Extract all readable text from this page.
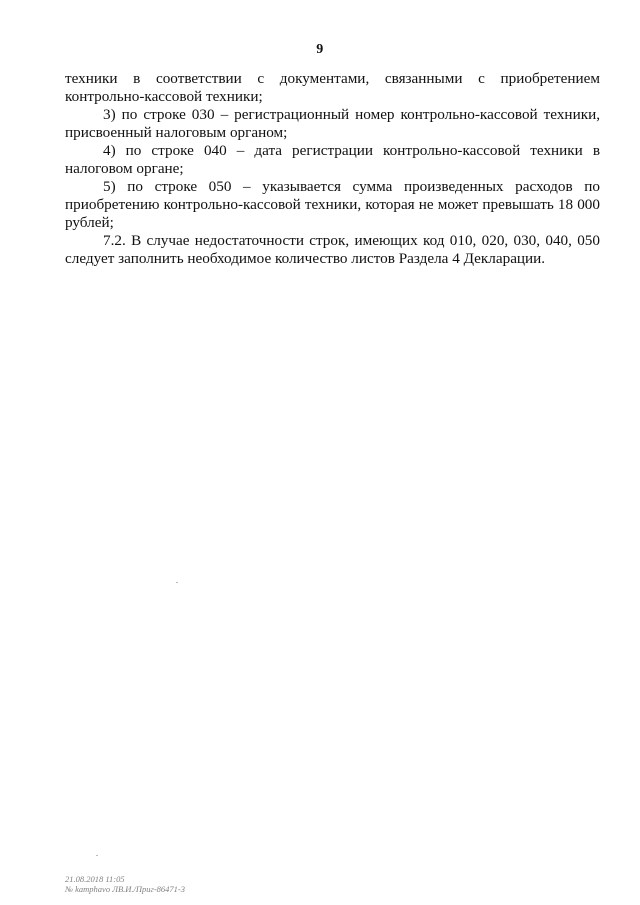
9

техники в соответствии с документами, связанными с приобретением контрольно-кассовой техники;

3) по строке 030 – регистрационный номер контрольно-кассовой техники, присвоенный налоговым органом;

4) по строке 040 – дата регистрации контрольно-кассовой техники в налоговом органе;

5) по строке 050 – указывается сумма произведенных расходов по приобретению контрольно-кассовой техники, которая не может превышать 18 000 рублей;

7.2. В случае недостаточности строк, имеющих код 010, 020, 030, 040, 050 следует заполнить необходимое количество листов Раздела 4 Декларации.

21.08.2018 11:05
№ kamphavo ЛВ.И./Приг-86471-3
